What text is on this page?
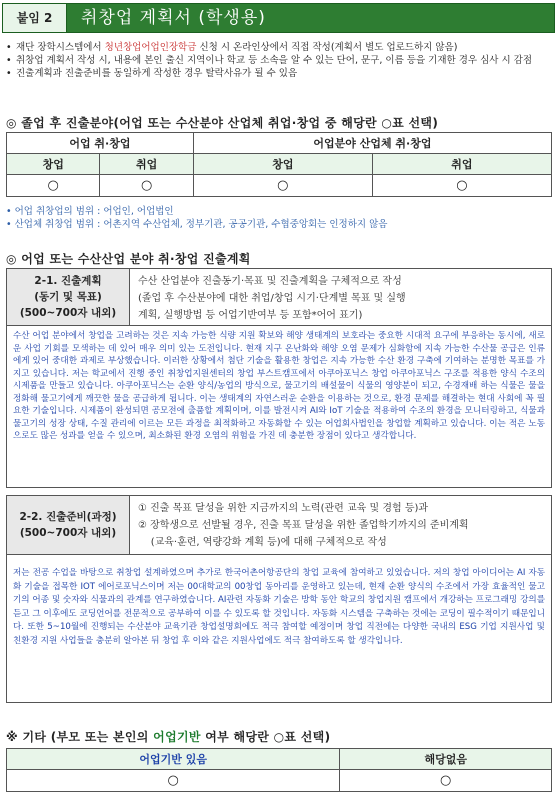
붙임 2	취창업 계획서 (학생용)
• 재단 장학시스템에서 청년창업어업인장학금 신청 시 온라인상에서 직접 작성(계획서 별도 업로드하지 않음)
• 취창업 계획서 작성 시, 내용에 본인 출신 지역이나 학교 등 소속을 알 수 있는 단어, 문구, 이름 등을 기재한 경우 심사 시 감점
• 진출계획과 진출준비를 동일하게 작성한 경우 탈락사유가 될 수 있음
◎ 졸업 후 진출분야(어업 또는 수산분야 산업체 취업·창업 중 해당란 ○표 선택)
어업 취·창업		어업분야 산업체 취·창업	
창업	취업	창업	취업
○	○	○	○
• 어업 취창업의 범위 : 어업인, 어업법인
• 산업체 취창업 범위 : 어촌지역 수산업체, 정부기관, 공공기관, 수협중앙회는 인정하지 않음
◎ 어업 또는 수산산업 분야 취·창업 진출계획
2-1. 진출계획
(동기 및 목표)
(500~700자 내외)
수산 산업분야 진출동기·목표 및 진출계획을 구체적으로 작성
(졸업 후 수산분야에 대한 취업/창업 시기·단계별 목표 및 실행
계획, 실행방법 등 어업기반여부 등 포함*어어 표기)
수산 어업 분야에서 창업을 고려하는 것은 지속 가능한 식량 지원 확보와 해양 생태계의 보호라는 중요한 시대적 요구에 부응하는 동시에, 새로운 사업 기회를 모색하는 데 있어 매우 의미 있는 도전입니다. 현재 지구 온난화와 해양 오염 문제가 심화함에 지속 가능한 수산물 공급은 인류에게 있어 중대한 과제로 부상했습니다. 이러한 상황에서 첨단 기술을 활용한 창업은 지속 가능한 수산 환경 구축에 기여하는 분명한 목표를 가지고 있습니다. 저는 학교에서 진행 중인 취창업지원센터의 창업 부스트캠프에서 아쿠아포닉스 창업 아쿠아포닉스 구조를 적용한 양식 수조의 시제품을 만들고 있습니다. 아쿠아포닉스는 순환 양식/농업의 방식으로, 물고기의 배설물이 식물의 영양분이 되고, 수경재배 하는 식물은 물을 정화해 물고기에게 깨끗한 물을 공급하게 됩니다. 이는 생태계의 자연스러운 순환을 이용하는 것으로, 환경 문제를 해결하는 현대 사회에 꼭 필요한 기술입니다. 시제품이 완성되면 공모전에 출품할 계획이며, 이를 발전시켜 AI와 IoT 기술을 적용하여 수조의 환경을 모니터링하고, 식물과 물고기의 성장 상태, 수질 관리에 이르는 모든 과정을 최적화하고 자동화할 수 있는 어업회사법인을 창업할 계획하고 있습니다. 이는 적은 노동으로도 많은 성과를 얻을 수 있으며, 최소화된 환경 오염의 위험을 가진 데 충분한 장점이 있다고 생각합니다.
2-2. 진출준비(과정)
(500~700자 내외)
① 진출 목표 달성을 위한 지금까지의 노력(관련 교육 및 경험 등)과
② 장학생으로 선발될 경우, 진출 목표 달성을 위한 졸업학기까지의 준비계획
(교육·훈련, 역량강화 계획 등)에 대해 구체적으로 작성
저는 전공 수업을 바탕으로 취창업 설계하였으며 추가로 한국어촌어항공단의 창업 교육에 참여하고 있었습니다. 저의 창업 아이디어는 AI 자동화 기술을 접목한 IOT 에어로포닉스이며 저는 00대학교의 00창업 동아리를 운영하고 있는데, 현재 순환 양식의 수조에서 가장 효율적인 물고기의 어종 및 숫자와 식물과의 관계를 연구하였습니다. AI관련 자동화 기술은 방학 동안 학교의 창업지원 캠프에서 개강하는 프로그래밍 강의를 듣고 그 이후에도 코딩언어를 전문적으로 공부하여 이를 수 있도록 할 것입니다. 자동화 시스템을 구축하는 것에는 코딩이 필수적이기 때문입니다. 또한 5~10월에 진행되는 수산분야 교육기관 창업설명회에도 적극 참여할 예정이며 창업 직전에는 다양한 국내의 ESG 기업 지원사업 및 친환경 지원 사업들을 충분히 알아본 뒤 창업 후 이와 같은 지원사업에도 적극 참여하도록 할 생각입니다.
※ 기타 (부모 또는 본인의 어업기반 여부 해당란 ○표 선택)
어업기반 있음	해당없음
○	○
